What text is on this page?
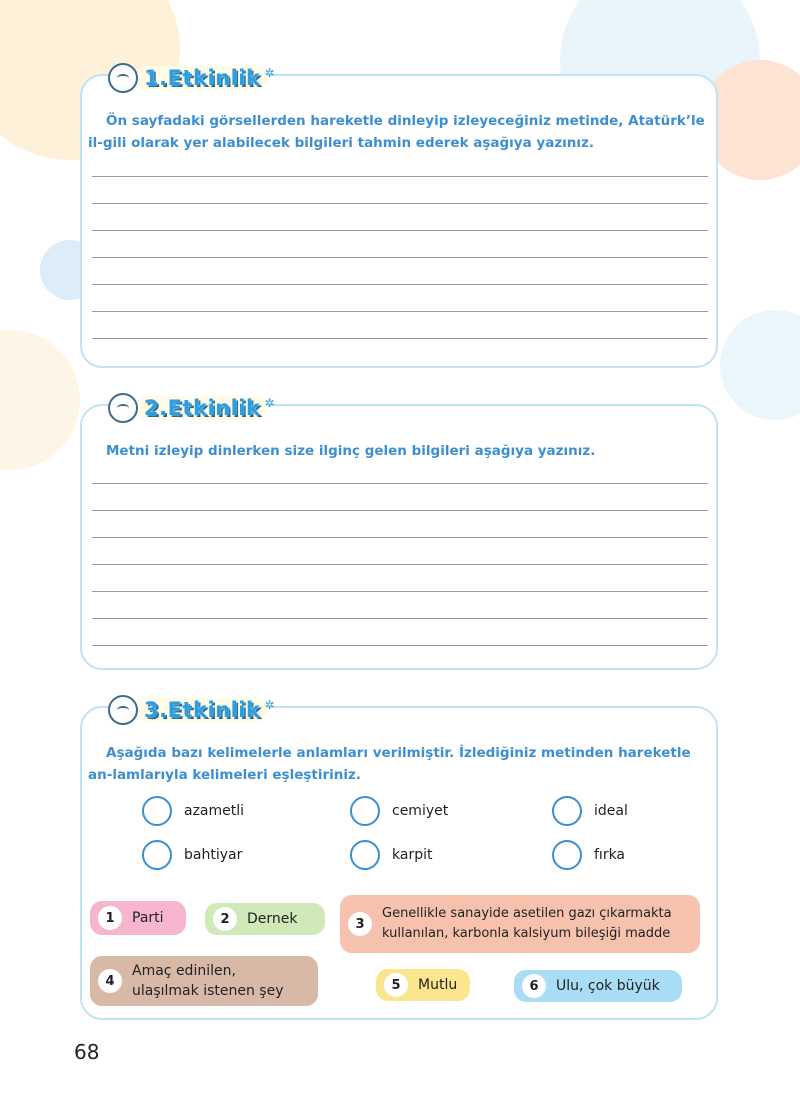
1.Etkinlik ✲

Ön sayfadaki görsellerden hareketle dinleyip izleyeceğiniz metinde, Atatürk’le il-gili olarak yer alabilecek bilgileri tahmin ederek aşağıya yazınız.

2.Etkinlik ✲

Metni izleyip dinlerken size ilginç gelen bilgileri aşağıya yazınız.

3.Etkinlik ✲

Aşağıda bazı kelimelerle anlamları verilmiştir. İzlediğiniz metinden hareketle an-lamlarıyla kelimeleri eşleştiriniz.

azametli	cemiyet	ideal
bahtiyar	karpit	fırka
1	Parti	2	Dernek	3
Genellikle sanayide asetilen gazı çıkarmakta kullanılan, karbonla kalsiyum bileşiği madde
4
Amaç edinilen, ulaşılmak istenen şey	5	Mutlu	6	Ulu, çok büyük
68
